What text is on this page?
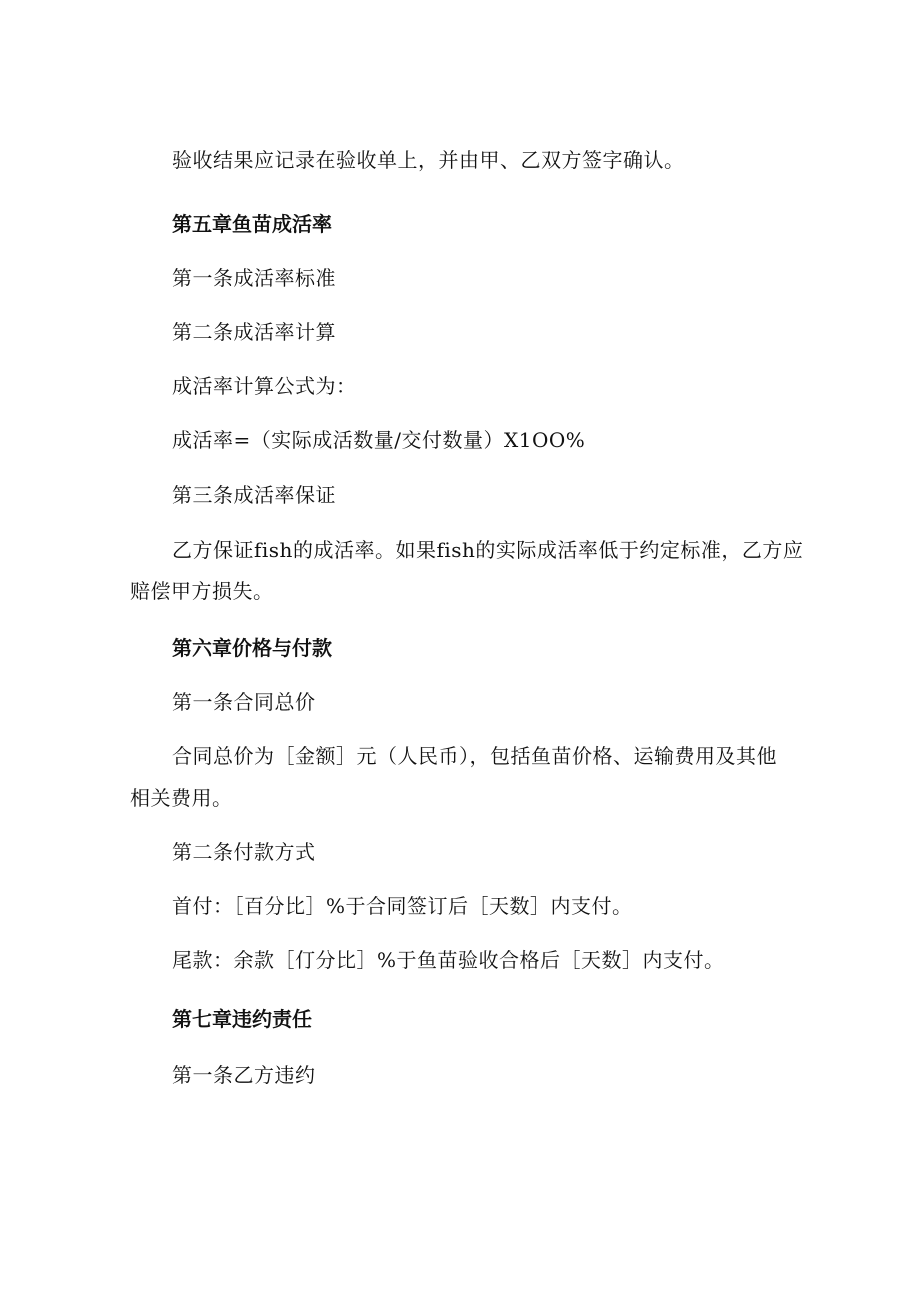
验收结果应记录在验收单上，并由甲、乙双方签字确认。

第五章鱼苗成活率

第一条成活率标准

第二条成活率计算

成活率计算公式为：

成活率=（实际成活数量/交付数量）X1OO%

第三条成活率保证

乙方保证fish的成活率。如果fish的实际成活率低于约定标准，乙方应

赔偿甲方损失。

第六章价格与付款

第一条合同总价

合同总价为［金额］元（人民币），包括鱼苗价格、运输费用及其他

相关费用。

第二条付款方式

首付：［百分比］%于合同签订后［天数］内支付。

尾款：余款［仃分比］%于鱼苗验收合格后［天数］内支付。

第七章违约责任

第一条乙方违约
